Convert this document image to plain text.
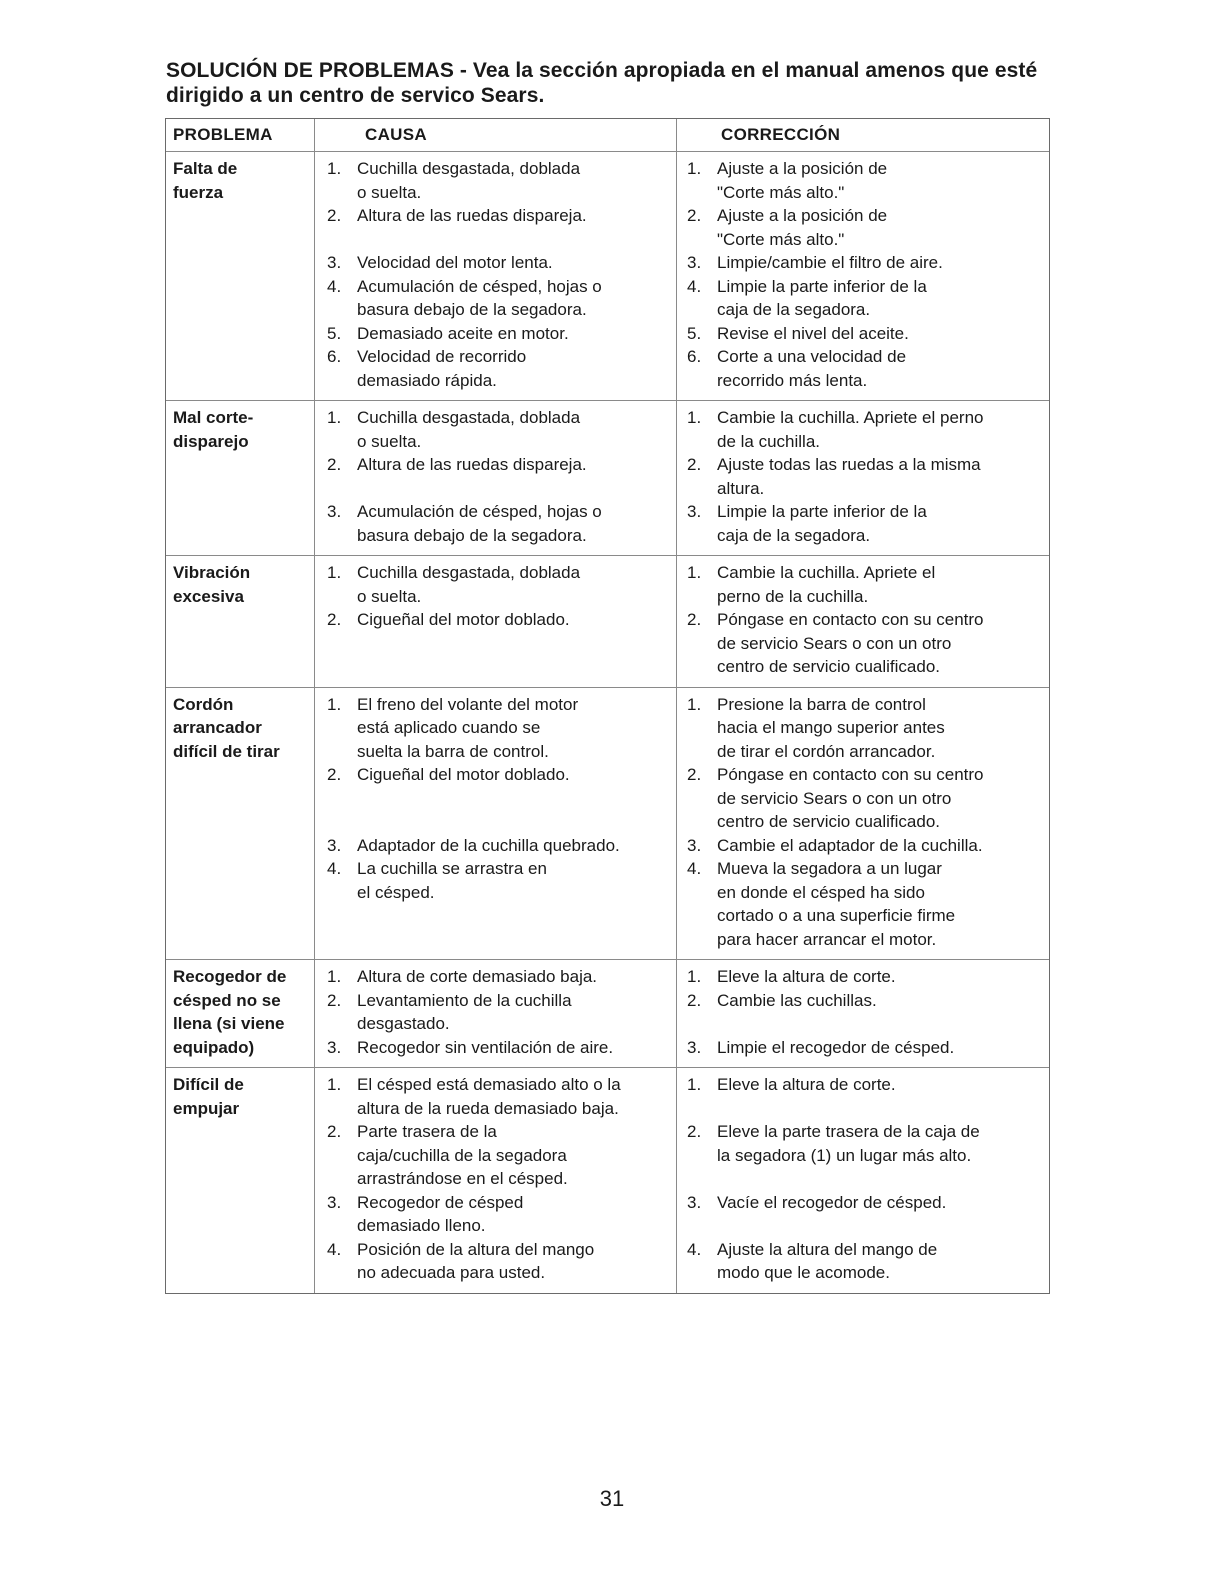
SOLUCIÓN DE PROBLEMAS - Vea la sección apropiada en el manual amenos que esté dirigido a un centro de servico Sears.
PROBLEMA	CAUSA	CORRECCIÓN
Falta de
fuerza
1. Cuchilla desgastada, doblada
o suelta.
2. Altura de las ruedas dispareja.
3. Velocidad del motor lenta.
4. Acumulación de césped, hojas o
basura debajo de la segadora.
5. Demasiado aceite en motor.
6. Velocidad de recorrido
demasiado rápida.
1. Ajuste a la posición de
"Corte más alto."
2. Ajuste a la posición de
"Corte más alto."
3. Limpie/cambie el filtro de aire.
4. Limpie la parte inferior de la
caja de la segadora.
5. Revise el nivel del aceite.
6. Corte a una velocidad de
recorrido más lenta.
Mal corte-
disparejo
1. Cuchilla desgastada, doblada
o suelta.
2. Altura de las ruedas dispareja.
3. Acumulación de césped, hojas o
basura debajo de la segadora.
1. Cambie la cuchilla. Apriete el perno
de la cuchilla.
2. Ajuste todas las ruedas a la misma
altura.
3. Limpie la parte inferior de la
caja de la segadora.
Vibración
excesiva
1. Cuchilla desgastada, doblada
o suelta.
2. Cigueñal del motor doblado.
1. Cambie la cuchilla. Apriete el
perno de la cuchilla.
2. Póngase en contacto con su centro
de servicio Sears o con un otro
centro de servicio cualificado.
Cordón
arrancador
difícil de tirar
1. El freno del volante del motor
está aplicado cuando se
suelta la barra de control.
2. Cigueñal del motor doblado.
3. Adaptador de la cuchilla quebrado.
4. La cuchilla se arrastra en
el césped.
1. Presione la barra de control
hacia el mango superior antes
de tirar el cordón arrancador.
2. Póngase en contacto con su centro
de servicio Sears o con un otro
centro de servicio cualificado.
3. Cambie el adaptador de la cuchilla.
4. Mueva la segadora a un lugar
en donde el césped ha sido
cortado o a una superficie firme
para hacer arrancar el motor.
Recogedor de
césped no se
llena (si viene
equipado)
1. Altura de corte demasiado baja.
2. Levantamiento de la cuchilla
desgastado.
3. Recogedor sin ventilación de aire.
1. Eleve la altura de corte.
2. Cambie las cuchillas.
3. Limpie el recogedor de césped.
Difícil de
empujar
1. El césped está demasiado alto o la
altura de la rueda demasiado baja.
2. Parte trasera de la
caja/cuchilla de la segadora
arrastrándose en el césped.
3. Recogedor de césped
demasiado lleno.
4. Posición de la altura del mango
no adecuada para usted.
1. Eleve la altura de corte.
2. Eleve la parte trasera de la caja de
la segadora (1) un lugar más alto.
3. Vacíe el recogedor de césped.
4. Ajuste la altura del mango de
modo que le acomode.
31
